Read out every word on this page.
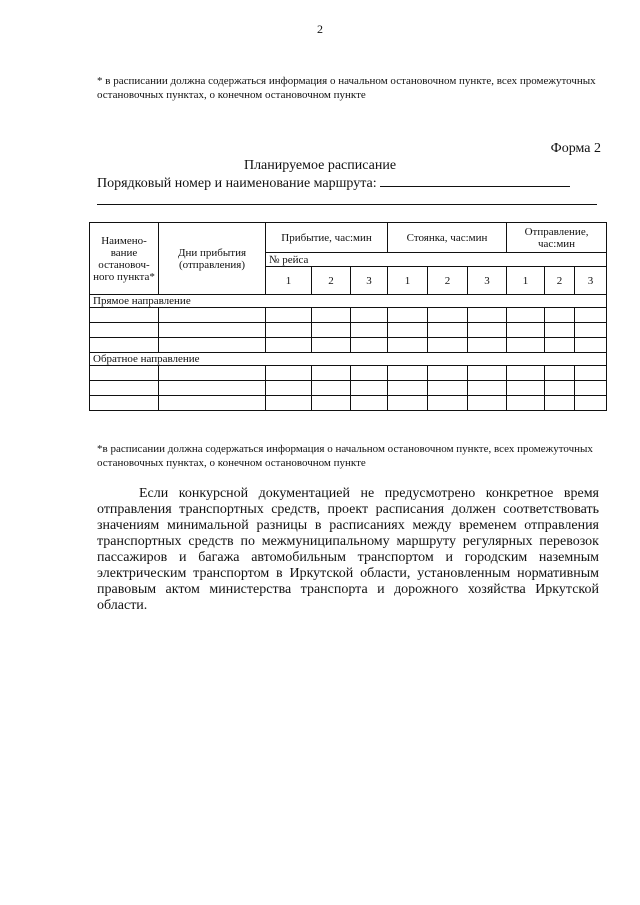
2
* в расписании должна содержаться информация о начальном остановочном пункте, всех промежуточных остановочных пунктах, о конечном остановочном пункте
Форма 2
Планируемое расписание
Порядковый номер и наименование маршрута:
Наимено-вание остановоч-ного пункта*	Дни прибытия (отправления)	Прибытие, час:мин			Стоянка, час:мин			Отправление, час:мин		
		№ рейса								
		1	2	3	1	2	3	1	2	3
Прямое направление										

Обратное направление										

*в расписании должна содержаться информация о начальном остановочном пункте, всех промежуточных остановочных пунктах, о конечном остановочном пункте

Если конкурсной документацией не предусмотрено конкретное время отправления транспортных средств, проект расписания должен соответствовать значениям минимальной разницы в расписаниях между временем отправления транспортных средств по межмуниципальному маршруту регулярных перевозок пассажиров и багажа автомобильным транспортом и городским наземным электрическим транспортом в Иркутской области, установленным нормативным правовым актом министерства транспорта и дорожного хозяйства Иркутской области.
